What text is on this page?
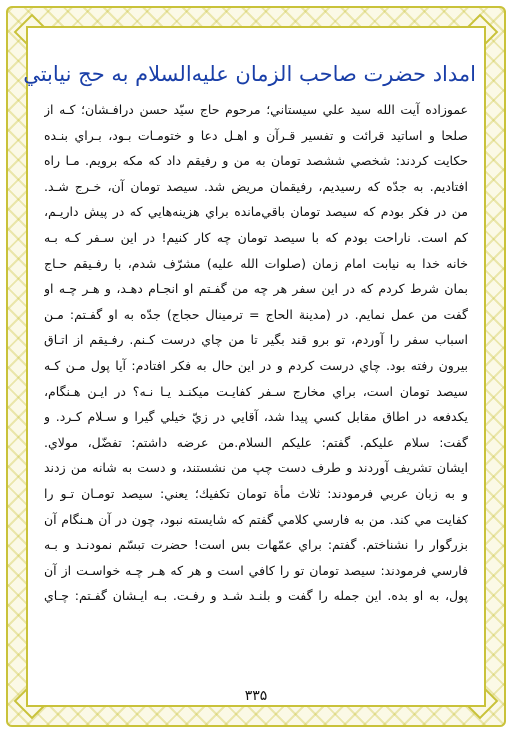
امداد حضرت صاحب الزمان عليه‌السلام به حج نيابتي
عموزاده آيت الله سيد علي سيستاني؛ مرحوم حاج سيّد حسن درافـشان؛ كـه از
صلحا و اساتيد قرائت و تفسير قـرآن و اهـل دعا و ختومـات بـود، بـراي بنـده
حكايت كردند: شخصي ششصد تومان به من و رفيقم داد كه مكه برويم. مـا راه
افتاديم. به جدّه كه رسيديم، رفيقمان مريض شد. سيصد تومان آن، خـرج شـد.
من در فكر بودم كه سيصد تومان باقي‌مانده براي هزينه‌هايي كه در پيش داريـم،
كم است. ناراحت بودم كه با سيصد تومان چه كار كنيم! در اين سـفر كـه بـه
خانه خدا به نيابت امام زمان (صلوات الله عليه) مشرّف شدم، با رفـيقم حـاج
بمان شرط كردم كه در اين سفر هر چه من گفـتم او انجـام دهـد، و هـر چـه او
گفت من عمل نمايم. در (مدينة الحاج = ترمينال حجاج) جدّه به او گفـتم: مـن
اسباب سفر را آوردم، تو برو قند بگير تا من چاي درست كـنم. رفـيقم از اتـاق
بيرون رفته بود. چاي درست كردم و در اين حال به فكر افتادم: آيا پول مـن كـه
سيصد تومان است، براي مخارج سـفر كفايـت ميكنـد يـا نـه؟ در ايـن هـنگام،
يكدفعه در اطاق مقابل كسي پيدا شد، آقايي در زيّ خيلي گيرا و سـلام كـرد. و
گفت: سلام عليكم. گفتم: عليكم السلام.من عرضه داشتم: تفضّل، مولاي.
ايشان تشريف آوردند و طرف دست چپ من نشستند، و دست به شانه من زدند
و به زبان عربي فرمودند: ثلاث مأة تومان تكفيك؛ يعني: سيصد تومـان تـو را
كفايت مي كند. من به فارسي كلامي گفتم كه شايسته نبود، چون در آن هـنگام آن
بزرگوار را نشناختم. گفتم: براي عمّهات بس است! حضرت تبسّم نمودنـد و بـه
فارسي فرمودند: سيصد تومان تو را كافي است و هر كه هـر چـه خواسـت از آن
پول، به او بده. اين جمله را گفت و بلنـد شـد و رفـت. بـه ايـشان گفـتم: چـاي
۳۳۵
